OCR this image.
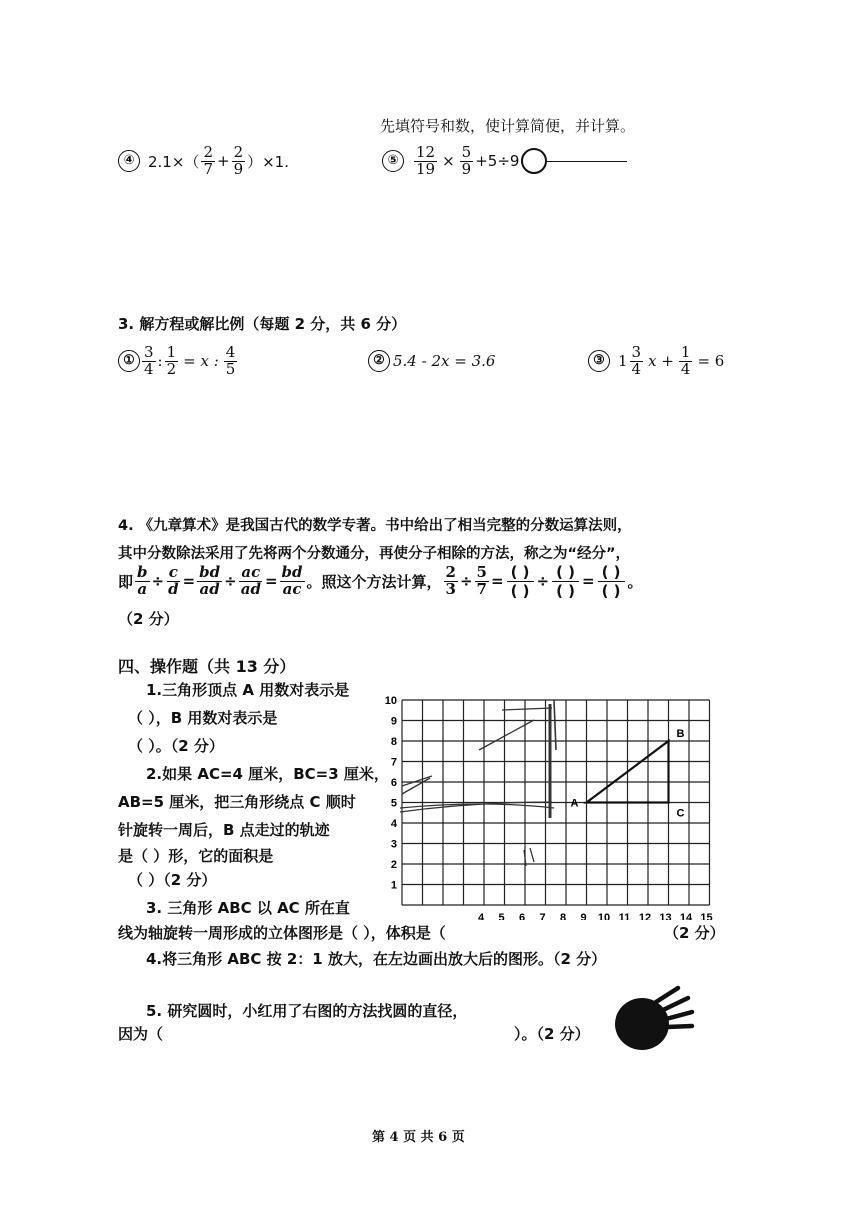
先填符号和数，使计算简便，并计算。
④ $2.1\times( \frac{2}{7} + \frac{2}{9} )\times 1$.	⑤	$\frac{12}{19} \times \frac{5}{9} +5\div 9$
3. 解方程或解比例（每题 2 分，共 6 分）
① $\frac{3}{4}$ : $\frac{1}{2} = x$ : $\frac{4}{5}$	② 5.4 - 2x = 3.6	③ $1 \frac{3}{4}$ $x + \frac{1}{4} = 6$
4. 《九章算术》是我国古代的数学专著。书中给出了相当完整的分数运算法则，
其中分数除法采用了先将两个分数通分，再使分子相除的方法，称之为“经分”，
即 $\frac{b}{a} \div \frac{c}{d} = \frac{bd}{ad} \div \frac{ac}{ad} = \frac{bd}{ac}$ 。照这个方法计算， $\frac{2}{3} \div \frac{5}{7}$ =
( )
( )
÷
( )
( )
=
( )
( ) 。
（2 分）
四、操作题（共 13 分）
1.三角形顶点 A 用数对表示是
（ ），B 用数对表示是
（ ）。（2 分）
2.如果 AC=4 厘米，BC=3 厘米，
AB=5 厘米，把三角形绕点 C 顺时
针旋转一周后，B 点走过的轨迹
是（ ）形，它的面积是
（ ）（2 分）
3. 三角形 ABC 以 AC 所在直
线为轴旋转一周形成的立体图形是（ ），体积是（	（2 分）
4.将三角形 ABC 按 2：1 放大，在左边画出放大后的图形。（2 分）
5. 研究圆时，小红用了右图的方法找圆的直径，
因为（	）。（2 分）
4 5 6 7 8 9 10 11 12 13 14 15
1
2
3
4
5
6
7
8
9
10
A
B
C
第 4 页 共 6 页
